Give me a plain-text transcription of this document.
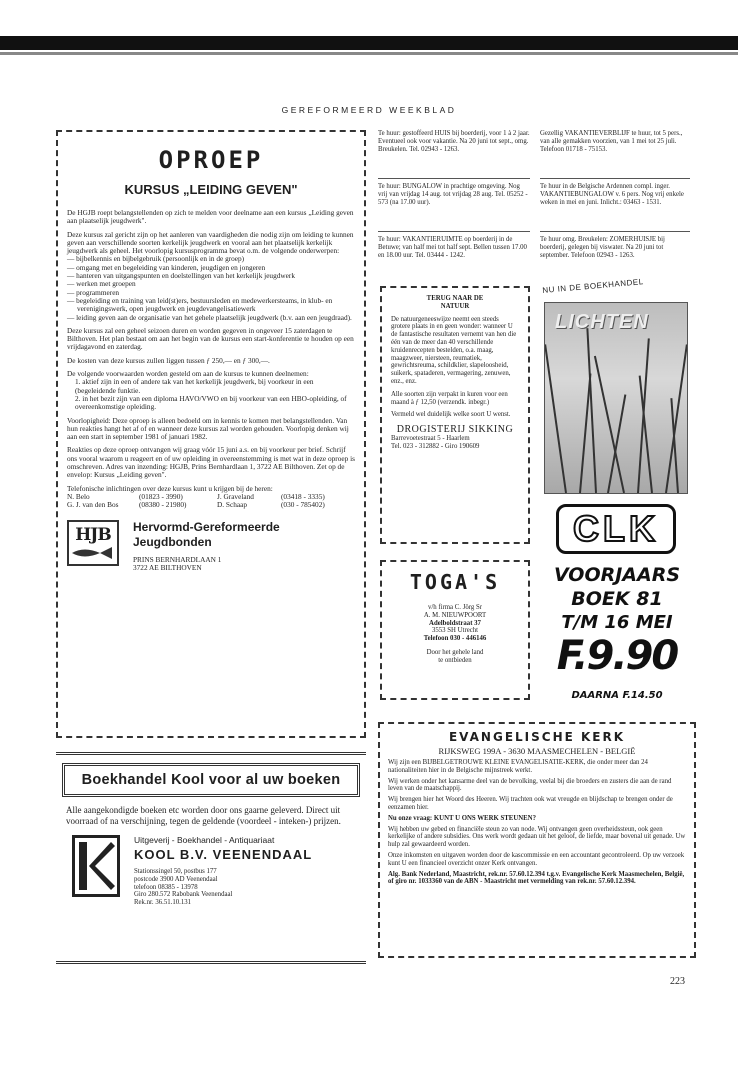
GEREFORMEERD WEEKBLAD
OPROEP
KURSUS „LEIDING GEVEN"

De HGJB roept belangstellenden op zich te melden voor deelname aan een kursus „Leiding geven aan plaatselijk jeugdwerk".

Deze kursus zal gericht zijn op het aanleren van vaardigheden die nodig zijn om leiding te kunnen geven aan verschillende soorten kerkelijk jeugdwerk en vooral aan het plaatselijk kerkelijk jeugdwerk als geheel. Het voorlopig kursusprogramma bevat o.m. de volgende onderwerpen:

— bijbelkennis en bijbelgebruik (persoonlijk en in de groep)
— omgang met en begeleiding van kinderen, jeugdigen en jongeren
— hanteren van uitgangspunten en doelstellingen van het kerkelijk jeugdwerk
— werken met groepen
— programmeren
— begeleiding en training van leid(st)ers, bestuursleden en medewerkersteams, in klub- en verenigingswerk, open jeugdwerk en jeugdevangelisatiewerk
— leiding geven aan de organisatie van het gehele plaatselijk jeugdwerk (b.v. aan een jeugdraad).

Deze kursus zal een geheel seizoen duren en worden gegeven in ongeveer 15 zaterdagen te Bilthoven. Het plan bestaat om aan het begin van de kursus een start-konferentie te houden op een vrijdagavond en zaterdag.

De kosten van deze kursus zullen liggen tussen ƒ 250,— en ƒ 300,—.

De volgende voorwaarden worden gesteld om aan de kursus te kunnen deelnemen:

1. aktief zijn in een of andere tak van het kerkelijk jeugdwerk, bij voorkeur in een (begeleidende funktie.

2. in het bezit zijn van een diploma HAVO/VWO en bij voorkeur van een HBO-opleiding, of overeenkomstige opleiding.

Voorlopigheid: Deze oproep is alleen bedoeld om in kennis te komen met belangstellenden. Van hun reakties hangt het af of en wanneer deze kursus zal worden gehouden. Voorlopig denken wij aan een start in september 1981 of januari 1982.

Reakties op deze oproep ontvangen wij graag vóór 15 juni a.s. en bij voorkeur per brief. Schrijf ons vooral waarom u reageert en of uw opleiding in overeenstemming is met wat in deze oproep is omschreven. Adres van inzending: HGJB, Prins Bernhardlaan 1, 3722 AE Bilthoven. Zet op de envelop: Kursus „Leiding geven".

Telefonische inlichtingen over deze kursus kunt u krijgen bij de heren:
N. Belo	(01823 - 3990)	J. Graveland	(03418 - 3335)
G. J. van den Bos	(08380 - 21980)	D. Schaap	(030 - 785402)
HJB	Hervormd-Gereformeerde
Jeugdbonden
PRINS BERNHARDLAAN 1
3722 AE BILTHOVEN
Boekhandel Kool voor al uw boeken

Alle aangekondigde boeken etc worden door ons gaarne geleverd. Direct uit voorraad of na verschijning, tegen de geldende (voordeel - inteken-) prijzen.

Uitgeverij - Boekhandel - Antiquariaat
KOOL B.V. VEENENDAAL
Stationssingel 50, postbus 177
postcode 3900 AD Veenendaal
telefoon 08385 - 13978
Giro 280.572 Rabobank Veenendaal
Rek.nr. 36.51.10.131

Te huur: gestoffeerd HUIS bij boerderij, voor 1 à 2 jaar. Eventueel ook voor vakantie. Na 20 juni tot sept., omg. Breukelen. Tel. 02943 - 1263.

Te huur: BUNGALOW in prachtige omgeving. Nog vrij van vrijdag 14 aug. tot vrijdag 28 aug. Tel. 05252 - 573 (na 17.00 uur).

Te huur: VAKANTIERUIMTE op boerderij in de Betuwe; van half mei tot half sept. Bellen tussen 17.00 en 18.00 uur. Tel. 03444 - 1242.

Gezellig VAKANTIEVERBLIJF te huur, tot 5 pers., van alle gemakken voorzien, van 1 mei tot 25 juli. Telefoon 01718 - 75153.

Te huur in de Belgische Ardennen compl. inger. VAKANTIEBUNGALOW v. 6 pers. Nog vrij enkele weken in mei en juni. Inlicht.: 03463 - 1531.

Te huur omg. Breukelen: ZOMERHUISJE bij boerderij, gelegen bij viswater. Na 20 juni tot september. Telefoon 02943 - 1263.

TERUG NAAR DE
NATUUR

De natuurgeneeswijze neemt een steeds grotere plaats in en geen wonder: wanneer U de fantastische resultaten vernemt van hen die één van de meer dan 40 verschillende kruidenrecepten bestelden, o.a. maag, maagzweer, niersteen, reumatiek, gewrichtsreuma, schildklier, slapeloosheid, suikerk, spataderen, vermagering, zenuwen, enz., enz.

Alle soorten zijn verpakt in kuren voor een maand à ƒ 12,50 (verzendk. inbegr.)

Vermeld wel duidelijk welke soort U wenst.

DROGISTERIJ SIKKING
Barrevoetestraat 5 - Haarlem
Tel. 023 - 312882 - Giro 190609
TOGA'S
v/h firma C. Jörg Sr
A. M. NIEUWPOORT
Adelboldstraat 37
3553 SH Utrecht
Telefoon 030 - 446146
Door het gehele land
te ontbieden
NU IN DE BOEKHANDEL
LICHTEN
CLK
VOORJAARS
BOEK 81
T/M 16 MEI
F.9.90
DAARNA F.14.50
EVANGELISCHE KERK
RIJKSWEG 199A - 3630 MAASMECHELEN - BELGIË

Wij zijn een BIJBELGETROUWE KLEINE EVANGELISATIE-KERK, die onder meer dan 24 nationaliteiten hier in de Belgische mijnstreek werkt.

Wij werken onder het kansarme deel van de bevolking, veelal bij die broeders en zusters die aan de rand leven van de maatschappij.

Wij brengen hier het Woord des Heeren. Wij trachten ook wat vreugde en blijdschap te brengen onder de eenzamen hier.

Nu onze vraag: KUNT U ONS WERK STEUNEN?

Wij hebben uw gebed en financiële steun zo van node. Wij ontvangen geen overheidssteun, ook geen kerkelijke of andere subsidies. Ons werk wordt gedaan uit het geloof, de liefde, maar bovenal uit genade. Uw hulp zal gewaardeerd worden.

Onze inkomsten en uitgaven worden door de kascommissie en een accountant gecontroleerd. Op uw verzoek kunt U een financieel overzicht onzer Kerk ontvangen.

Alg. Bank Nederland, Maastricht, rek.nr. 57.60.12.394 t.g.v. Evangelische Kerk Maasmechelen, België, of giro nr. 1033360 van de ABN - Maastricht met vermelding van rek.nr. 57.60.12.394.

223
